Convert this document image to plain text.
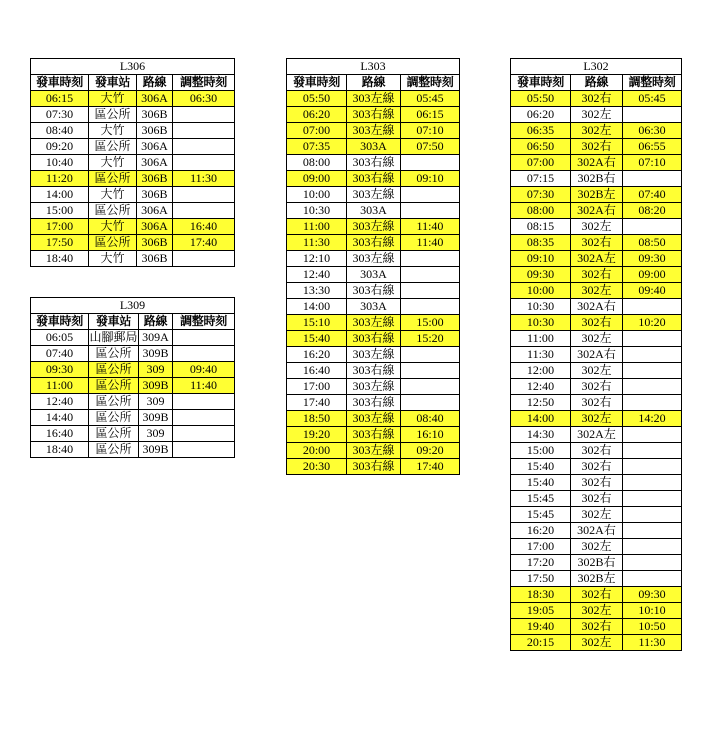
L306			
發車時刻	發車站	路線	調整時刻
06:15	大竹	306A	06:30
07:30	區公所	306B	
08:40	大竹	306B	
09:20	區公所	306A	
10:40	大竹	306A	
11:20	區公所	306B	11:30
14:00	大竹	306B	
15:00	區公所	306A	
17:00	大竹	306A	16:40
17:50	區公所	306B	17:40
18:40	大竹	306B	
L309			
發車時刻	發車站	路線	調整時刻
06:05	山腳郵局	309A	
07:40	區公所	309B	
09:30	區公所	309	09:40
11:00	區公所	309B	11:40
12:40	區公所	309	
14:40	區公所	309B	
16:40	區公所	309	
18:40	區公所	309B	
L303		
發車時刻	路線	調整時刻
05:50	303左線	05:45
06:20	303右線	06:15
07:00	303左線	07:10
07:35	303A	07:50
08:00	303右線	
09:00	303右線	09:10
10:00	303左線	
10:30	303A	
11:00	303左線	11:40
11:30	303右線	11:40
12:10	303左線	
12:40	303A	
13:30	303右線	
14:00	303A	
15:10	303左線	15:00
15:40	303右線	15:20
16:20	303左線	
16:40	303右線	
17:00	303左線	
17:40	303右線	
18:50	303左線	08:40
19:20	303右線	16:10
20:00	303左線	09:20
20:30	303右線	17:40
L302		
發車時刻	路線	調整時刻
05:50	302右	05:45
06:20	302左	
06:35	302左	06:30
06:50	302右	06:55
07:00	302A右	07:10
07:15	302B右	
07:30	302B左	07:40
08:00	302A右	08:20
08:15	302左	
08:35	302右	08:50
09:10	302A左	09:30
09:30	302右	09:00
10:00	302左	09:40
10:30	302A右	
10:30	302右	10:20
11:00	302左	
11:30	302A右	
12:00	302左	
12:40	302右	
12:50	302右	
14:00	302左	14:20
14:30	302A左	
15:00	302右	
15:40	302右	
15:40	302右	
15:45	302右	
15:45	302左	
16:20	302A右	
17:00	302左	
17:20	302B右	
17:50	302B左	
18:30	302右	09:30
19:05	302左	10:10
19:40	302右	10:50
20:15	302左	11:30
